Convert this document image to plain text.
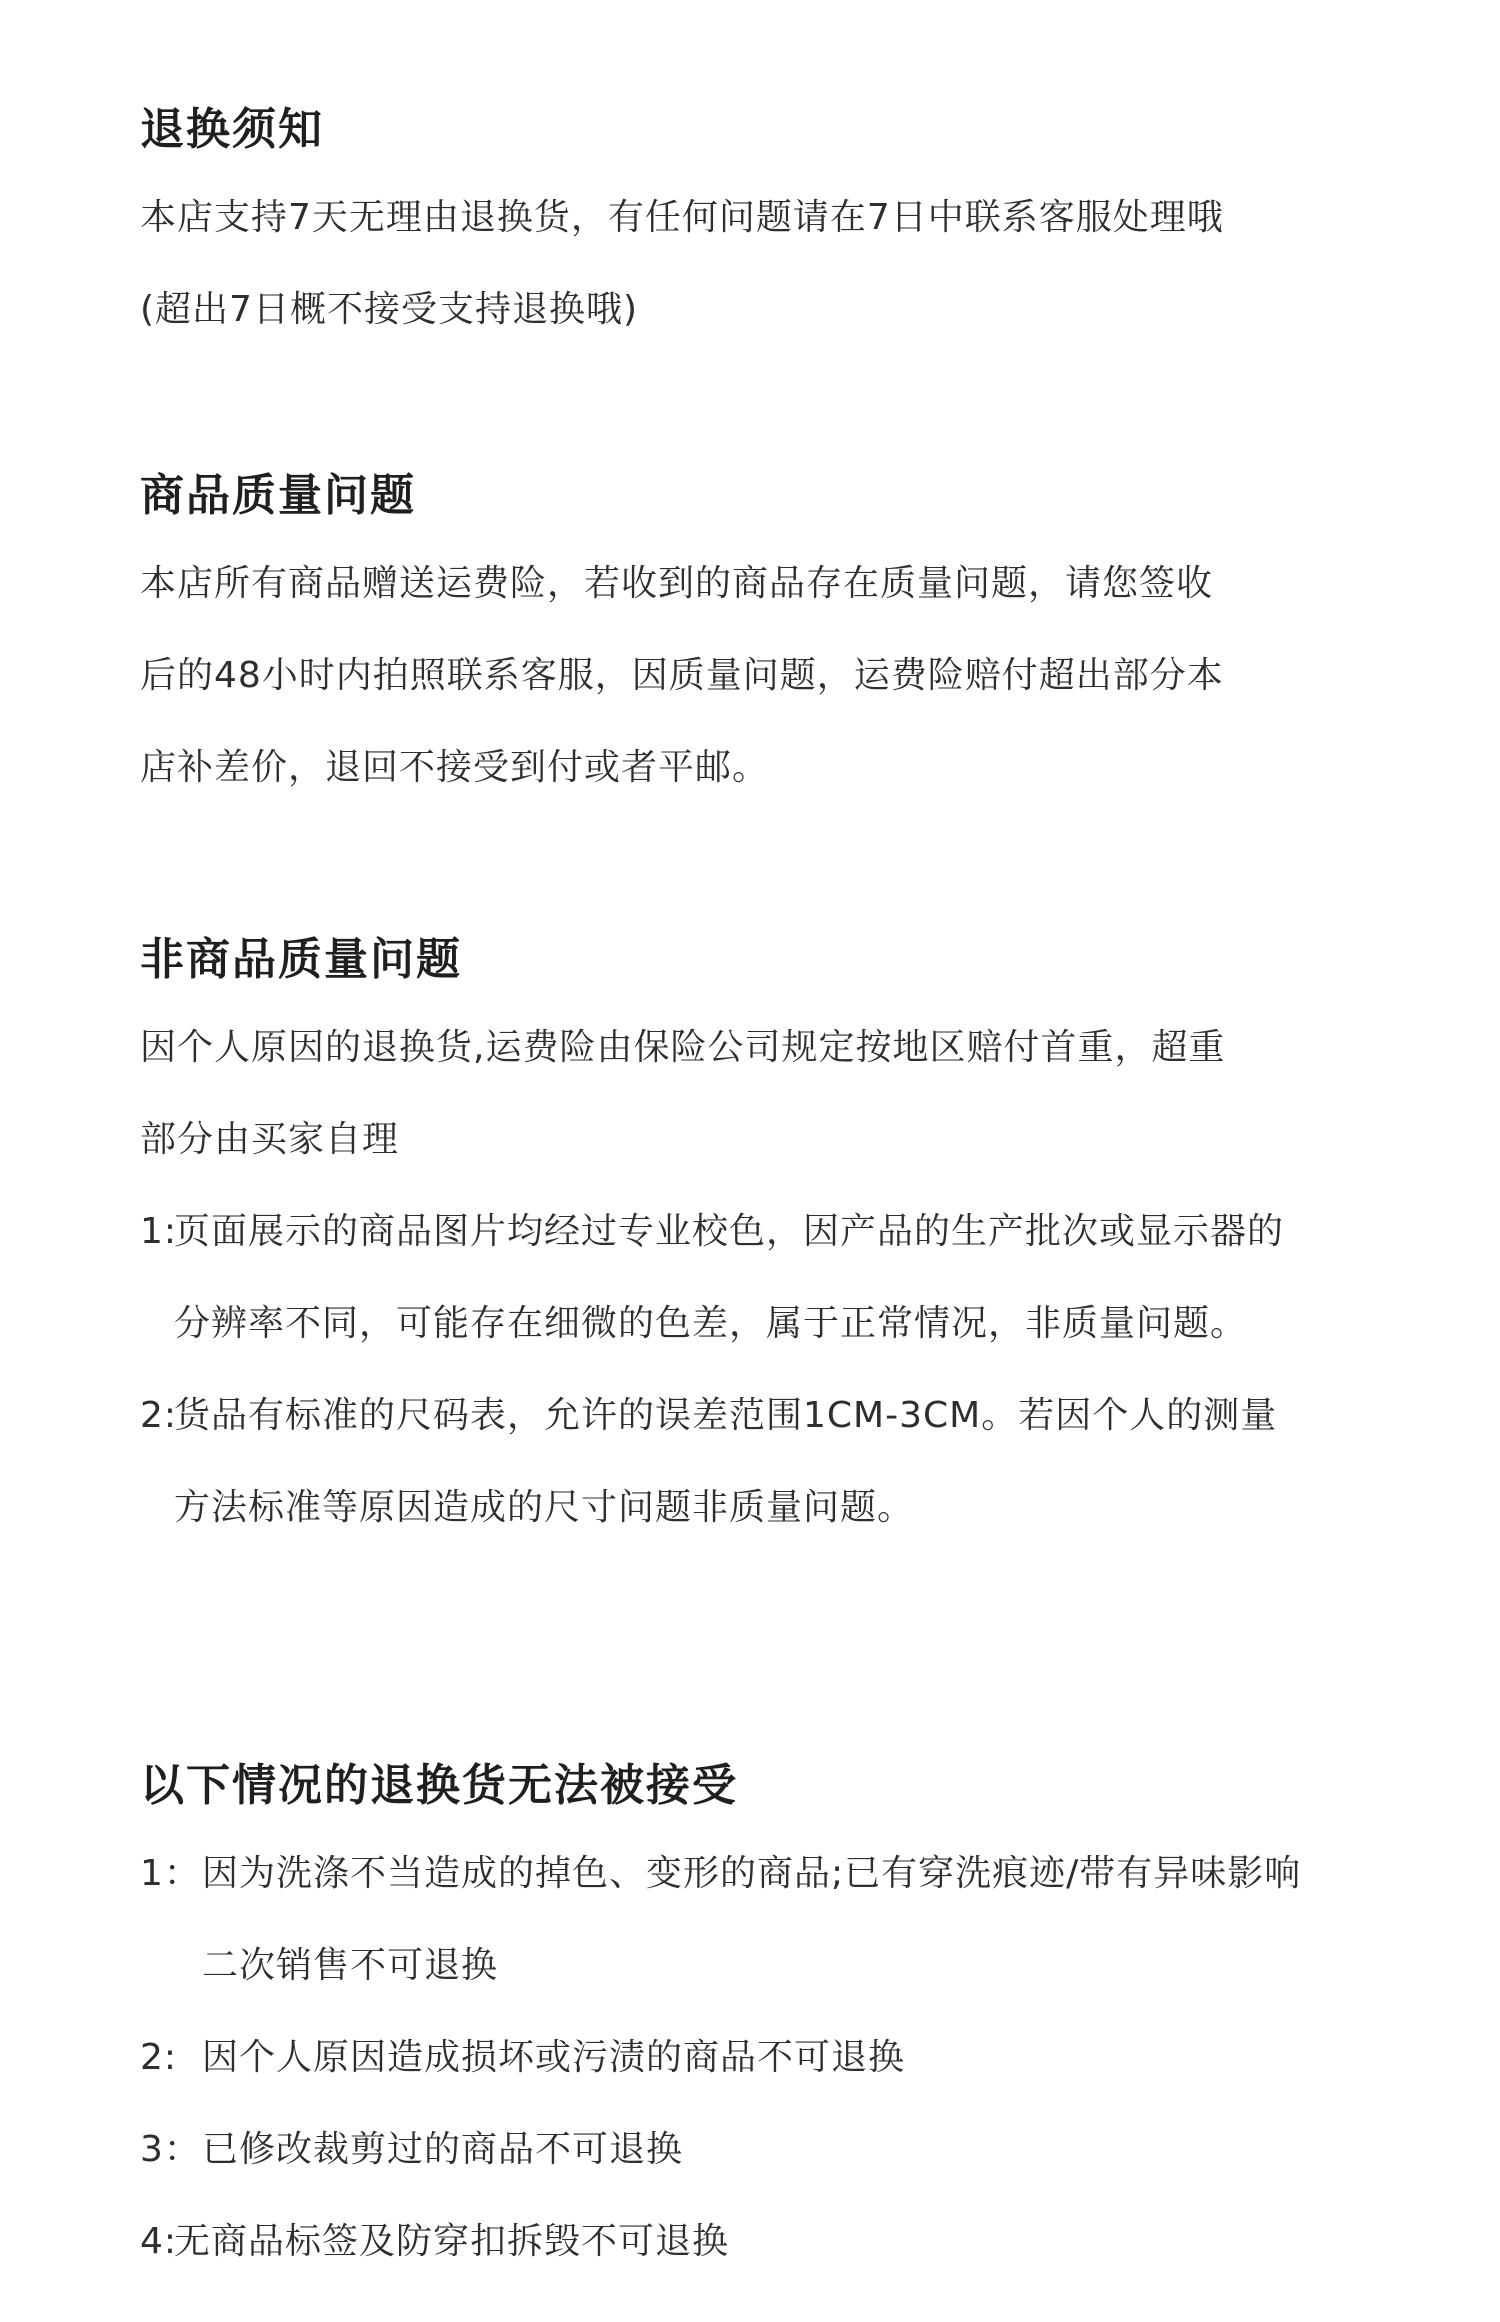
退换须知

本店支持7天无理由退换货，有任何问题请在7日中联系客服处理哦

(超出7日概不接受支持退换哦)

商品质量问题

本店所有商品赠送运费险，若收到的商品存在质量问题，请您签收

后的48小时内拍照联系客服，因质量问题，运费险赔付超出部分本

店补差价，退回不接受到付或者平邮。

非商品质量问题

因个人原因的退换货,运费险由保险公司规定按地区赔付首重，超重

部分由买家自理

1:
页面展示的商品图片均经过专业校色，因产品的生产批次或显示器的分辨率不同，可能存在细微的色差，属于正常情况，非质量问题。
2:
货品有标准的尺码表，允许的误差范围1CM-3CM。若因个人的测量方法标准等原因造成的尺寸问题非质量问题。
以下情况的退换货无法被接受
1： 因为洗涤不当造成的掉色、变形的商品;已有穿洗痕迹/带有异味影响二次销售不可退换
2: 因个人原因造成损坏或污渍的商品不可退换
3： 已修改裁剪过的商品不可退换
4:
无商品标签及防穿扣拆毁不可退换
